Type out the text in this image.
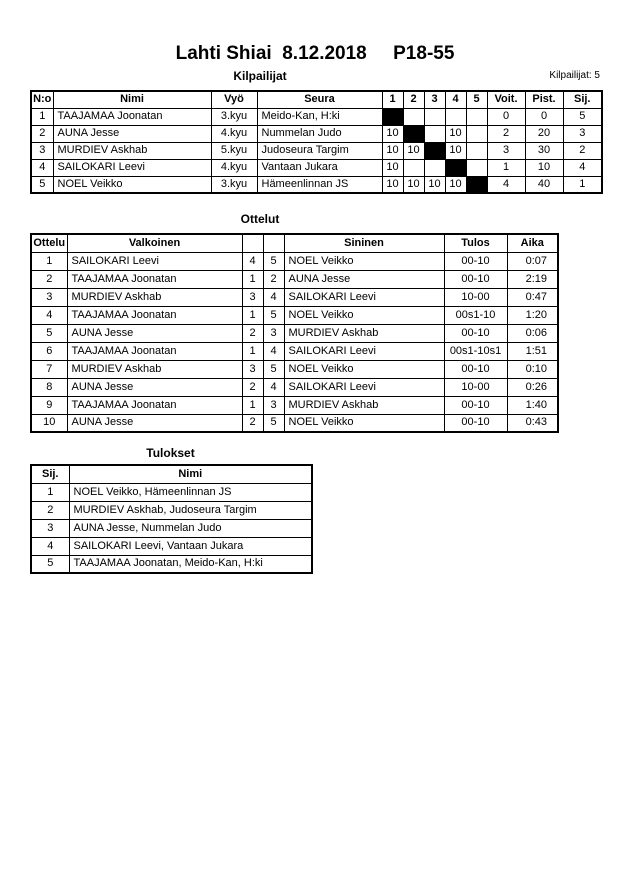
Lahti Shiai  8.12.2018     P18-55
Kilpailijat	Kilpailijat: 5
N:o	Nimi	Vyö	Seura	1	2	3	4	5	Voit.	Pist.	Sij.
1	TAAJAMAA Joonatan	3.kyu	Meido-Kan, H:ki						0	0	5
2	AUNA Jesse	4.kyu	Nummelan Judo	10			10		2	20	3
3	MURDIEV Askhab	5.kyu	Judoseura Targim	10	10		10		3	30	2
4	SAILOKARI Leevi	4.kyu	Vantaan Jukara	10					1	10	4
5	NOEL Veikko	3.kyu	Hämeenlinnan JS	10	10	10	10		4	40	1
Ottelut
Ottelu	Valkoinen			Sininen	Tulos	Aika
1	SAILOKARI Leevi	4	5	NOEL Veikko	00-10	0:07
2	TAAJAMAA Joonatan	1	2	AUNA Jesse	00-10	2:19
3	MURDIEV Askhab	3	4	SAILOKARI Leevi	10-00	0:47
4	TAAJAMAA Joonatan	1	5	NOEL Veikko	00s1-10	1:20
5	AUNA Jesse	2	3	MURDIEV Askhab	00-10	0:06
6	TAAJAMAA Joonatan	1	4	SAILOKARI Leevi	00s1-10s1	1:51
7	MURDIEV Askhab	3	5	NOEL Veikko	00-10	0:10
8	AUNA Jesse	2	4	SAILOKARI Leevi	10-00	0:26
9	TAAJAMAA Joonatan	1	3	MURDIEV Askhab	00-10	1:40
10	AUNA Jesse	2	5	NOEL Veikko	00-10	0:43
Tulokset
Sij.	Nimi
1	NOEL Veikko, Hämeenlinnan JS
2	MURDIEV Askhab, Judoseura Targim
3	AUNA Jesse, Nummelan Judo
4	SAILOKARI Leevi, Vantaan Jukara
5	TAAJAMAA Joonatan, Meido-Kan, H:ki
